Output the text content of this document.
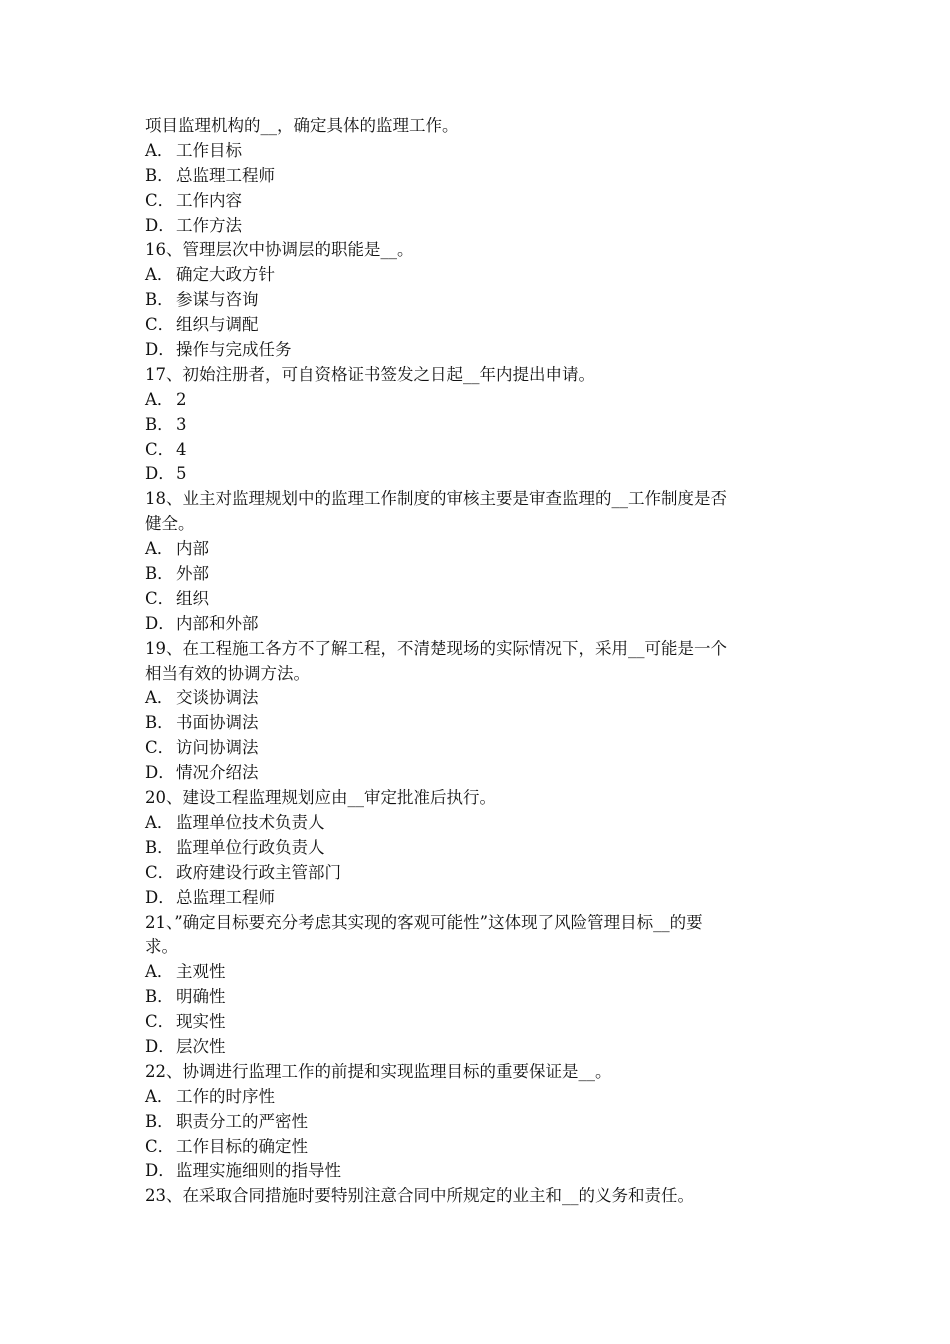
项目监理机构的__，确定具体的监理工作。
A． 工作目标
B． 总监理工程师
C． 工作内容
D．工作方法
16、管理层次中协调层的职能是__。
A． 确定大政方针
B． 参谋与咨询
C． 组织与调配
D．操作与完成任务
17、初始注册者，可自资格证书签发之日起__年内提出申请。
A． 2
B． 3
C． 4
D．5
18、业主对监理规划中的监理工作制度的审核主要是审查监理的__工作制度是否
健全。
A． 内部
B． 外部
C． 组织
D．内部和外部
19、在工程施工各方不了解工程，不清楚现场的实际情况下，采用__可能是一个
相当有效的协调方法。
A． 交谈协调法
B． 书面协调法
C． 访问协调法
D．情况介绍法
20、建设工程监理规划应由__审定批准后执行。
A． 监理单位技术负责人
B． 监理单位行政负责人
C． 政府建设行政主管部门
D．总监理工程师
21、”确定目标要充分考虑其实现的客观可能性”这体现了风险管理目标__的要
求。
A． 主观性
B． 明确性
C． 现实性
D．层次性
22、协调进行监理工作的前提和实现监理目标的重要保证是__。
A． 工作的时序性
B． 职责分工的严密性
C． 工作目标的确定性
D．监理实施细则的指导性
23、在采取合同措施时要特别注意合同中所规定的业主和__的义务和责任。
